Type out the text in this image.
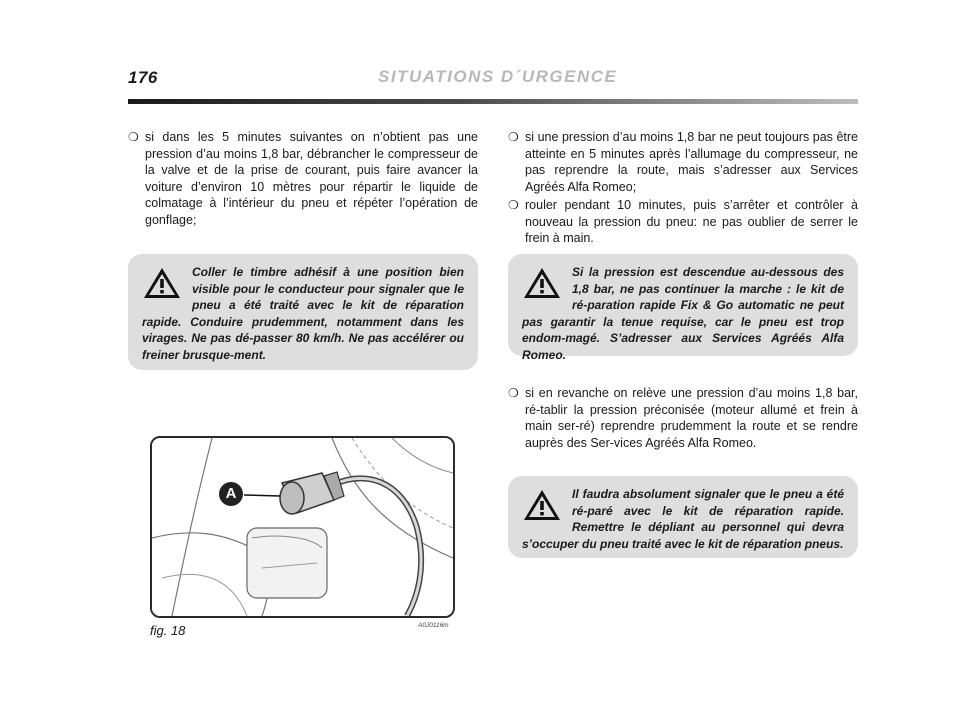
176	SITUATIONS D´URGENCE
❍ si dans les 5 minutes suivantes on n’obtient pas une pression d’au moins 1,8 bar, débrancher le compresseur de la valve et de la prise de courant, puis faire avancer la voiture d’environ 10 mètres pour répartir le liquide de colmatage à l’intérieur du pneu et répéter l’opération de gonflage;
Coller le timbre adhésif à une position bien visible pour le conducteur pour signaler que le pneu a été traité avec le kit de réparation rapide. Conduire prudemment, notamment dans les virages. Ne pas dé-passer 80 km/h. Ne pas accélérer ou freiner brusque-ment.
A
fig. 18	A0J0116m
❍ si une pression d’au moins 1,8 bar ne peut toujours pas être atteinte en 5 minutes après l’allumage du compresseur, ne pas reprendre la route, mais s’adresser aux Services Agréés Alfa Romeo;
❍ rouler pendant 10 minutes, puis s’arrêter et contrôler à nouveau la pression du pneu: ne pas oublier de serrer le frein à main.
Si la pression est descendue au-dessous des 1,8 bar, ne pas continuer la marche : le kit de ré-paration rapide Fix & Go automatic ne peut pas garantir la tenue requise, car le pneu est trop endom-magé. S’adresser aux Services Agréés Alfa Romeo.
❍ si en revanche on relève une pression d’au moins 1,8 bar, ré-tablir la pression préconisée (moteur allumé et frein à main ser-ré) reprendre prudemment la route et se rendre auprès des Ser-vices Agréés Alfa Romeo.
Il faudra absolument signaler que le pneu a été ré-paré avec le kit de réparation rapide. Remettre le dépliant au personnel qui devra s’occuper du pneu traité avec le kit de réparation pneus.
